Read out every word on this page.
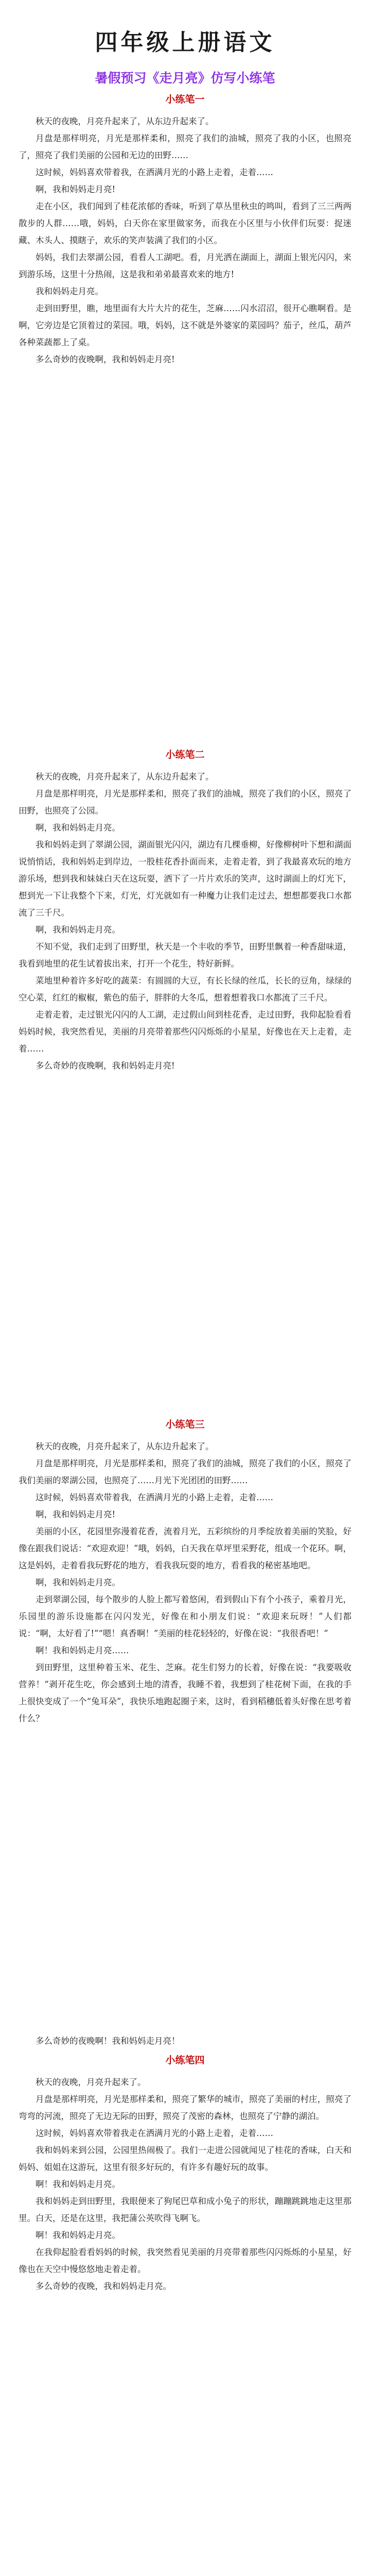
四年级上册语文
暑假预习《走月亮》仿写小练笔
小练笔一

秋天的夜晚，月亮升起来了，从东边升起来了。

月盘是那样明亮，月光是那样柔和，照亮了我们的油城，照亮了我的小区，也照亮了，照亮了我们美丽的公园和无边的田野……

这时候，妈妈喜欢带着我，在洒满月光的小路上走着，走着……

啊，我和妈妈走月亮!

走在小区，我们闻到了桂花浓郁的香味，听到了草丛里秋虫的鸣叫，看到了三三两两散步的人群……哦，妈妈，白天你在家里做家务，而我在小区里与小伙伴们玩耍：捉迷藏、木头人、摸瞎子，欢乐的笑声装满了我们的小区。

妈妈，我们去翠湖公园，看看人工湖吧。看，月光洒在湖面上，湖面上银光闪闪，来到游乐场，这里十分热闹，这是我和弟弟最喜欢来的地方!

我和妈妈走月亮。

走到田野里，瞧，地里面有大片大片的花生，芝麻……闪水沼沼，很开心瞧啊看。是啊，它旁边是它顶着过的菜园。哦，妈妈，这不就是外婆家的菜园吗？茄子，丝瓜，葫芦各种菜蔬都上了桌。

多么奇妙的夜晚啊，我和妈妈走月亮!

小练笔二

秋天的夜晚，月亮升起来了，从东边升起来了。

月盘是那样明亮，月光是那样柔和，照亮了我们的油城，照亮了我们的小区，照亮了田野，也照亮了公园。

啊，我和妈妈走月亮。

我和妈妈走到了翠湖公园，湖面银光闪闪，湖边有几棵垂柳，好像柳树叶下想和湖面说悄悄话，我和妈妈走到岸边，一股桂花香扑面而来，走着走着，到了我最喜欢玩的地方游乐场，想到我和妹妹白天在这玩耍，洒下了一片片欢乐的笑声，这时湖面上的灯光下，想到光一下让我整个下来，灯光，灯光就如有一种魔力让我们走过去，想想都要我口水都流了三千尺。

啊，我和妈妈走月亮。

不知不觉，我们走到了田野里，秋天是一个丰收的季节，田野里飘着一种香甜味道，我看到地里的花生试着拔出来，打开一个花生，特好新鲜。

菜地里种着许多好吃的蔬菜：有圆圆的大豆，有长长绿的丝瓜，长长的豆角，绿绿的空心菜，红红的椒椒，紫色的茄子，胖胖的大冬瓜，想着想着我口水都流了三千尺。

走着走着，走过银光闪闪的人工湖，走过假山间到桂花香，走过田野，我仰起脸看看妈妈时候，我突然看见，美丽的月亮带着那些闪闪烁烁的小星星，好像也在天上走着，走着……

多么奇妙的夜晚啊，我和妈妈走月亮!

小练笔三

秋天的夜晚，月亮升起来了，从东边升起来了。

月盘是那样明亮，月光是那样柔和，照亮了我们的油城，照亮了我们的小区，照亮了我们美丽的翠湖公园，也照亮了……月光下光团团的田野……

这时候，妈妈喜欢带着我，在洒满月光的小路上走着，走着……

啊，我和妈妈走月亮!

美丽的小区，花园里弥漫着花香，流着月光，五彩缤纷的月季绽放着美丽的笑脸，好像在跟我们说话：“欢迎欢迎！”哦，妈妈，白天我在草坪里采野花，组成一个花环。啊，这是妈妈，走着看我玩野花的地方，看我我玩耍的地方，看看我的秘密基地吧。

啊，我和妈妈走月亮。

走到翠湖公园，每个散步的人脸上都写着悠闲，看到假山下有个小孩子，乘着月光，乐园里的游乐设施都在闪闪发光，好像在和小朋友们说：“欢迎来玩呀！”人们都说：“啊，太好看了!”“嗯！真香啊！”美丽的桂花轻轻的，好像在说：“我很香吧！”

啊！我和妈妈走月亮……

到田野里，这里种着玉米、花生、芝麻。花生们努力的长着，好像在说：“我要吸收营养！”剥开花生吃，你会感到土地的清香，我睡不着，我想到了桂花树下面，在我的手上很快变成了一个“兔耳朵”，我快乐地跑起圈子来，这时，看到稻穗低着头好像在思考着什么？

多么奇妙的夜晚啊！我和妈妈走月亮！

小练笔四

秋天的夜晚，月亮升起来了。

月盘是那样明亮，月光是那样柔和，照亮了繁华的城市，照亮了美丽的村庄，照亮了弯弯的河流，照亮了无边无际的田野，照亮了茂密的森林，也照亮了宁静的湖泊。

这时候，妈妈喜欢带着我走在洒满月光的小路上走着，走着……

我和妈妈来到公园，公园里热闹极了。我们一走进公园就闻见了桂花的香味，白天和妈妈、姐姐在这游玩，这里有很多好玩的，有许多有趣好玩的故事。

啊！我和妈妈走月亮。

我和妈妈走到田野里，我眼便来了狗尾巴草和成小兔子的形状，蹦蹦跳跳地走这里那里。白天，还是在这里，我把蒲公英吹得飞啊飞。

啊！我和妈妈走月亮。

在我仰起脸看看妈妈的时候，我突然看见美丽的月亮带着那些闪闪烁烁的小星星，好像也在天空中慢悠悠地走着走着。

多么奇妙的夜晚，我和妈妈走月亮。
